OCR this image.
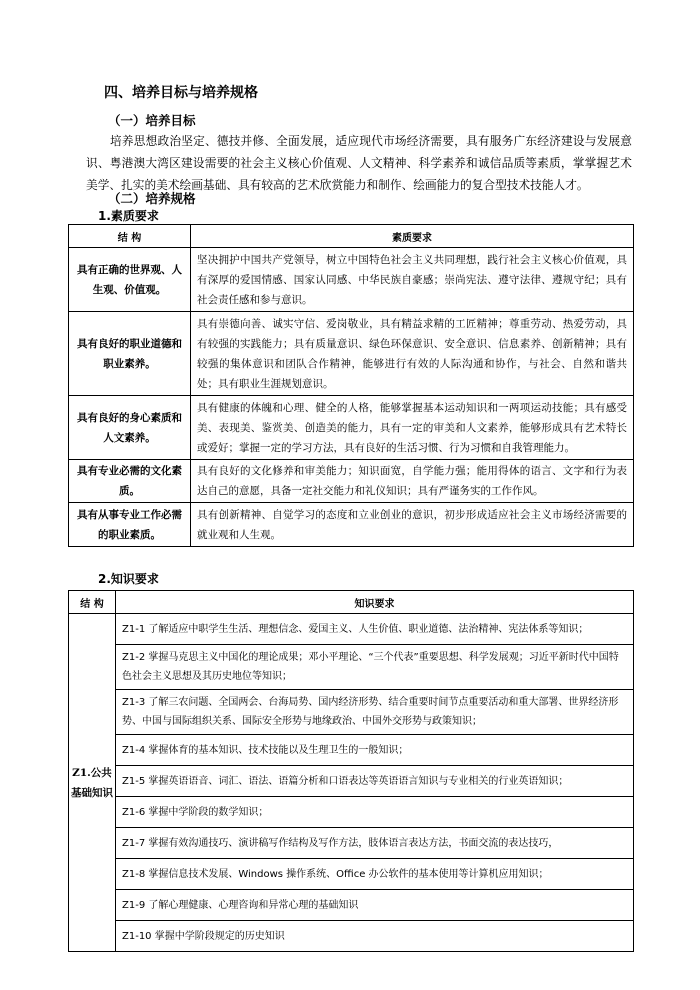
四、培养目标与培养规格
（一）培养目标
培养思想政治坚定、德技并修、全面发展，适应现代市场经济需要，具有服务广东经济建设与发展意识、粤港澳大湾区建设需要的社会主义核心价值观、人文精神、科学素养和诚信品质等素质，掌掌握艺术美学、扎实的美术绘画基础、具有较高的艺术欣赏能力和制作、绘画能力的复合型技术技能人才。
（二）培养规格
1.素质要求
结 构	素质要求
具有正确的世界观、人生观、价值观。	坚决拥护中国共产党领导，树立中国特色社会主义共同理想，践行社会主义核心价值观，具有深厚的爱国情感、国家认同感、中华民族自豪感；崇尚宪法、遵守法律、遵规守纪；具有社会责任感和参与意识。
具有良好的职业道德和职业素养。	具有崇德向善、诚实守信、爱岗敬业，具有精益求精的工匠精神；尊重劳动、热爱劳动，具有较强的实践能力；具有质量意识、绿色环保意识、安全意识、信息素养、创新精神；具有较强的集体意识和团队合作精神，能够进行有效的人际沟通和协作，与社会、自然和谐共处；具有职业生涯规划意识。
具有良好的身心素质和人文素养。	具有健康的体魄和心理、健全的人格，能够掌握基本运动知识和一两项运动技能；具有感受美、表现美、鉴赏美、创造美的能力，具有一定的审美和人文素养，能够形成具有艺术特长或爱好；掌握一定的学习方法，具有良好的生活习惯、行为习惯和自我管理能力。
具有专业必需的文化素质。	具有良好的文化修养和审美能力；知识面宽，自学能力强；能用得体的语言、文字和行为表达自己的意愿，具备一定社交能力和礼仪知识；具有严谨务实的工作作风。
具有从事专业工作必需的职业素质。	具有创新精神、自觉学习的态度和立业创业的意识，初步形成适应社会主义市场经济需要的就业观和人生观。
2.知识要求
结 构	知识要求
Z1.公共基础知识	Z1-1 了解适应中职学生生活、理想信念、爱国主义、人生价值、职业道德、法治精神、宪法体系等知识；
	Z1-2 掌握马克思主义中国化的理论成果；邓小平理论、“三个代表”重要思想、科学发展观；习近平新时代中国特色社会主义思想及其历史地位等知识；
	Z1-3 了解三农问题、全国两会、台海局势、国内经济形势、结合重要时间节点重要活动和重大部署、世界经济形势、中国与国际组织关系、国际安全形势与地缘政治、中国外交形势与政策知识；
	Z1-4 掌握体育的基本知识、技术技能以及生理卫生的一般知识；
	Z1-5 掌握英语语音、词汇、语法、语篇分析和口语表达等英语语言知识与专业相关的行业英语知识；
	Z1-6 掌握中学阶段的数学知识；
	Z1-7 掌握有效沟通技巧、演讲稿写作结构及写作方法，肢体语言表达方法，书面交流的表达技巧，
	Z1-8 掌握信息技术发展、Windows 操作系统、Office 办公软件的基本使用等计算机应用知识；
	Z1-9 了解心理健康、心理咨询和异常心理的基础知识
	Z1-10 掌握中学阶段规定的历史知识
